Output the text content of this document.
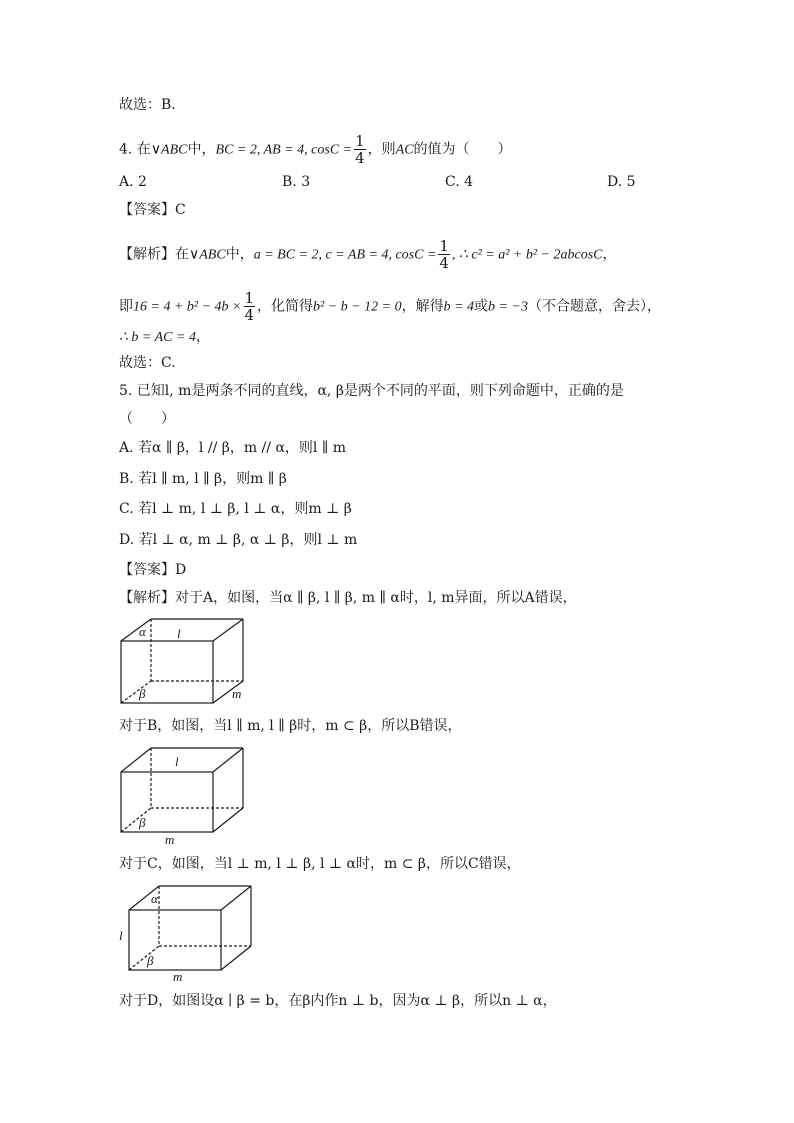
故选：B.
4. 在∨ABC中，BC = 2, AB = 4, $\cos C = \frac{1}{4}$ ，则AC的值为（　　）
A. 2	B. 3	C. 4	D. 5
【答案】C
【解析】在∨ABC中，a = BC = 2, c = AB = 4, $\cos C = \frac{1}{4}$ , ∴ c² = a² + b² − 2abcosC，
即$16 = 4 + b^2 - 4b \times \frac{1}{4}$ ，化简得b² − b − 12 = 0，解得b = 4或b = −3（不合题意，舍去），
∴ b = AC = 4，
故选：C.
5. 已知l, m是两条不同的直线，α, β是两个不同的平面，则下列命题中，正确的是
（　　）
A. 若α ∥ β，l // β，m // α，则l ∥ m
B. 若l ∥ m, l ∥ β，则m ∥ β
C. 若l ⊥ m, l ⊥ β, l ⊥ α，则m ⊥ β
D. 若l ⊥ α, m ⊥ β, α ⊥ β，则l ⊥ m
【答案】D
【解析】对于A，如图，当α ∥ β, l ∥ β, m ∥ α时，l, m异面，所以A错误，
α l
β	m
对于B，如图，当l ∥ m, l ∥ β时，m ⊂ β，所以B错误，
l
β
m
对于C，如图，当l ⊥ m, l ⊥ β, l ⊥ α时，m ⊂ β，所以C错误，
α
l
β
m
对于D，如图设α ∣ β = b，在β内作n ⊥ b，因为α ⊥ β，所以n ⊥ α，
